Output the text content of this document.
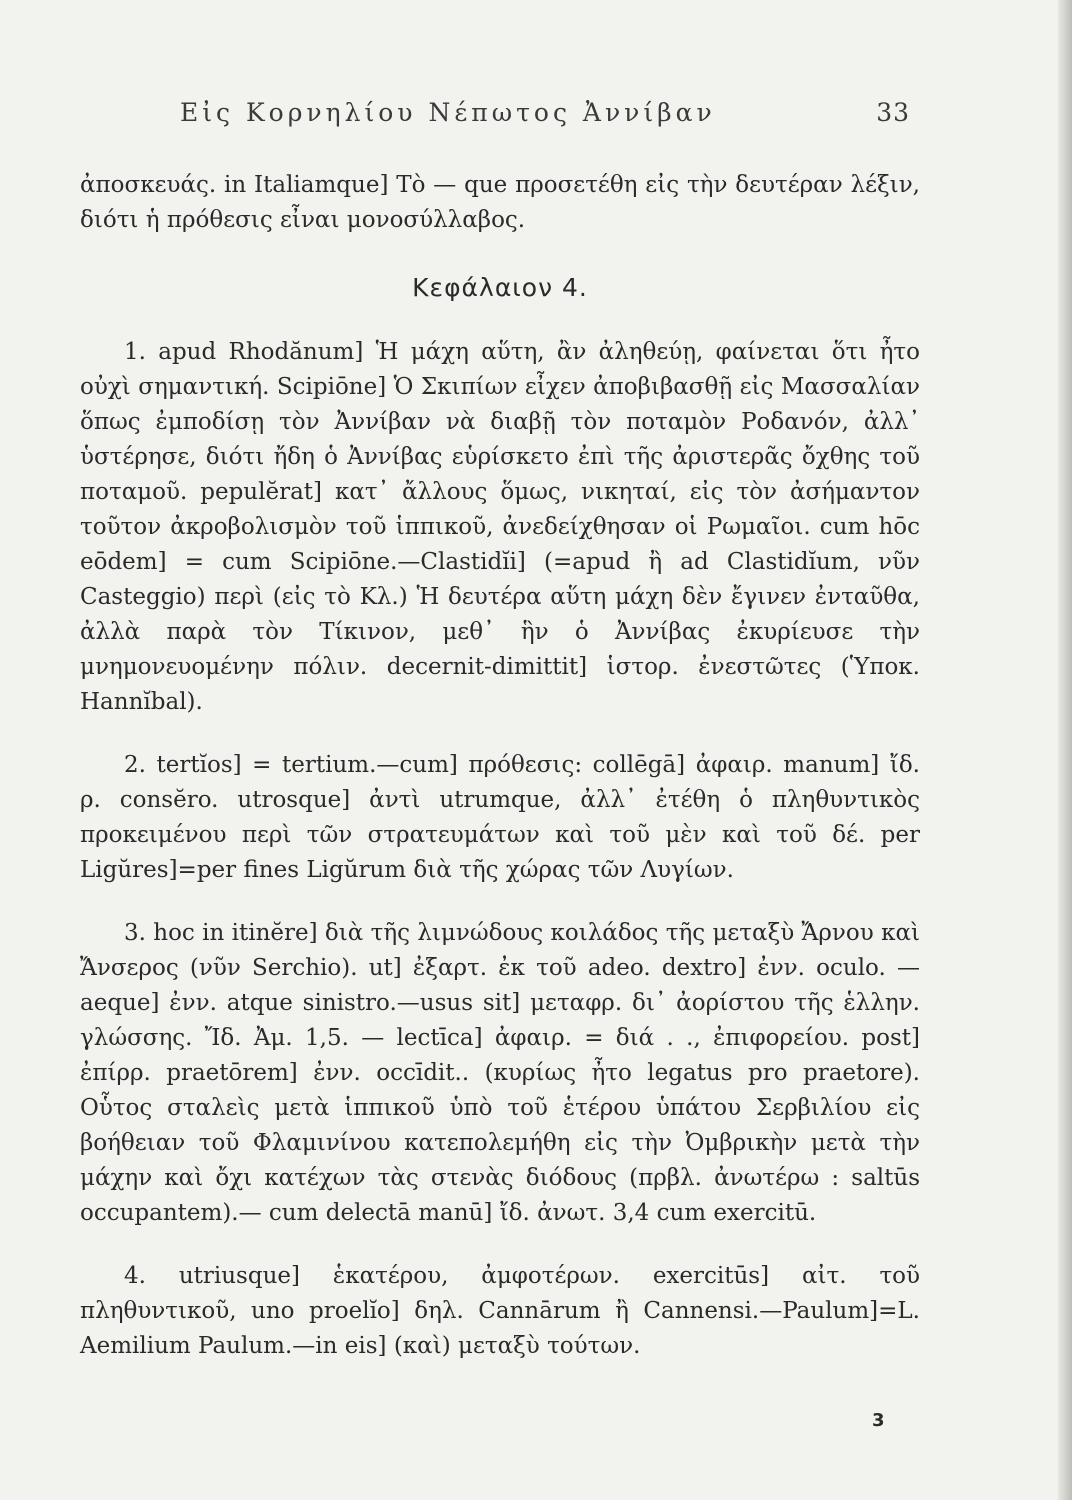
Εἰς Κορνηλίου Νέπωτος Ἀννίβαν	33

ἀποσκευάς. in Italiamque] Τὸ — que προσετέθη εἰς τὴν δευτέραν λέξιν, διότι ἡ πρόθεσις εἶναι μονοσύλλαβος.

Κεφάλαιον 4.

1. apud Rhodănum] Ἡ μάχη αὕτη, ἂν ἀληθεύῃ, φαίνεται ὅτι ἦτο οὐχὶ σημαντική. Scipiōne] Ὁ Σκιπίων εἶχεν ἀποβιβασθῇ εἰς Μασσαλίαν ὅπως ἐμποδίσῃ τὸν Ἀννίβαν νὰ διαβῇ τὸν ποταμὸν Ροδανόν, ἀλλ᾽ ὑστέρησε, διότι ἤδη ὁ Ἀννίβας εὑρίσκετο ἐπὶ τῆς ἀριστερᾶς ὄχθης τοῦ ποταμοῦ. pepulĕrat] κατ᾽ ἄλλους ὅμως, νικηταί, εἰς τὸν ἀσήμαντον τοῦτον ἀκροβολισμὸν τοῦ ἱππικοῦ, ἀνεδείχθησαν οἱ Ρωμαῖοι. cum hōc eōdem] = cum Scipiōne.—Clastidĭi] (=apud ἢ ad Clastidĭum, νῦν Casteggio) περὶ (εἰς τὸ Κλ.) Ἡ δευτέρα αὕτη μάχη δὲν ἔγινεν ἐνταῦθα, ἀλλὰ παρὰ τὸν Τίκινον, μεθ᾽ ἣν ὁ Ἀννίβας ἐκυρίευσε τὴν μνημονευομένην πόλιν. decernit-dimittit] ἱστορ. ἐνεστῶτες (Ὑποκ. Hannĭbal).

2. tertĭos] = tertium.—cum] πρόθεσις: collēgā] ἀφαιρ. manum] ἴδ. ρ. consĕro. utrosque] ἀντὶ utrumque, ἀλλ᾽ ἐτέθη ὁ πληθυντικὸς προκειμένου περὶ τῶν στρατευμάτων καὶ τοῦ μὲν καὶ τοῦ δέ. per Ligŭres]=per fines Ligŭrum διὰ τῆς χώρας τῶν Λυγίων.

3. hoc in itinĕre] διὰ τῆς λιμνώδους κοιλάδος τῆς μεταξὺ Ἄρνου καὶ Ἄνσερος (νῦν Serchio). ut] ἐξαρτ. ἐκ τοῦ adeo. dextro] ἐνν. oculo. — aeque] ἐνν. atque sinistro.—usus sit] μεταφρ. δι᾽ ἀορίστου τῆς ἑλλην. γλώσσης. Ἴδ. Ἀμ. 1,5. — lectīca] ἀφαιρ. = διά . ., ἐπιφορείου. post] ἐπίρρ. praetōrem] ἐνν. occīdit.. (κυρίως ἦτο legatus pro praetore). Οὗτος σταλεὶς μετὰ ἱππικοῦ ὑπὸ τοῦ ἑτέρου ὑπάτου Σερβιλίου εἰς βοήθειαν τοῦ Φλαμινίνου κατεπολεμήθη εἰς τὴν Ὀμβρικὴν μετὰ τὴν μάχην καὶ ὄχι κατέχων τὰς στενὰς διόδους (πρβλ. ἀνωτέρω : saltūs occupantem).— cum delectā manū] ἴδ. ἀνωτ. 3,4 cum exercitū.

4. utriusque] ἑκατέρου, ἀμφοτέρων. exercitūs] αἰτ. τοῦ πληθυντικοῦ, uno proelĭo] δηλ. Cannārum ἢ Cannensi.—Paulum]=L. Aemilium Paulum.—in eis] (καὶ) μεταξὺ τούτων.

3
